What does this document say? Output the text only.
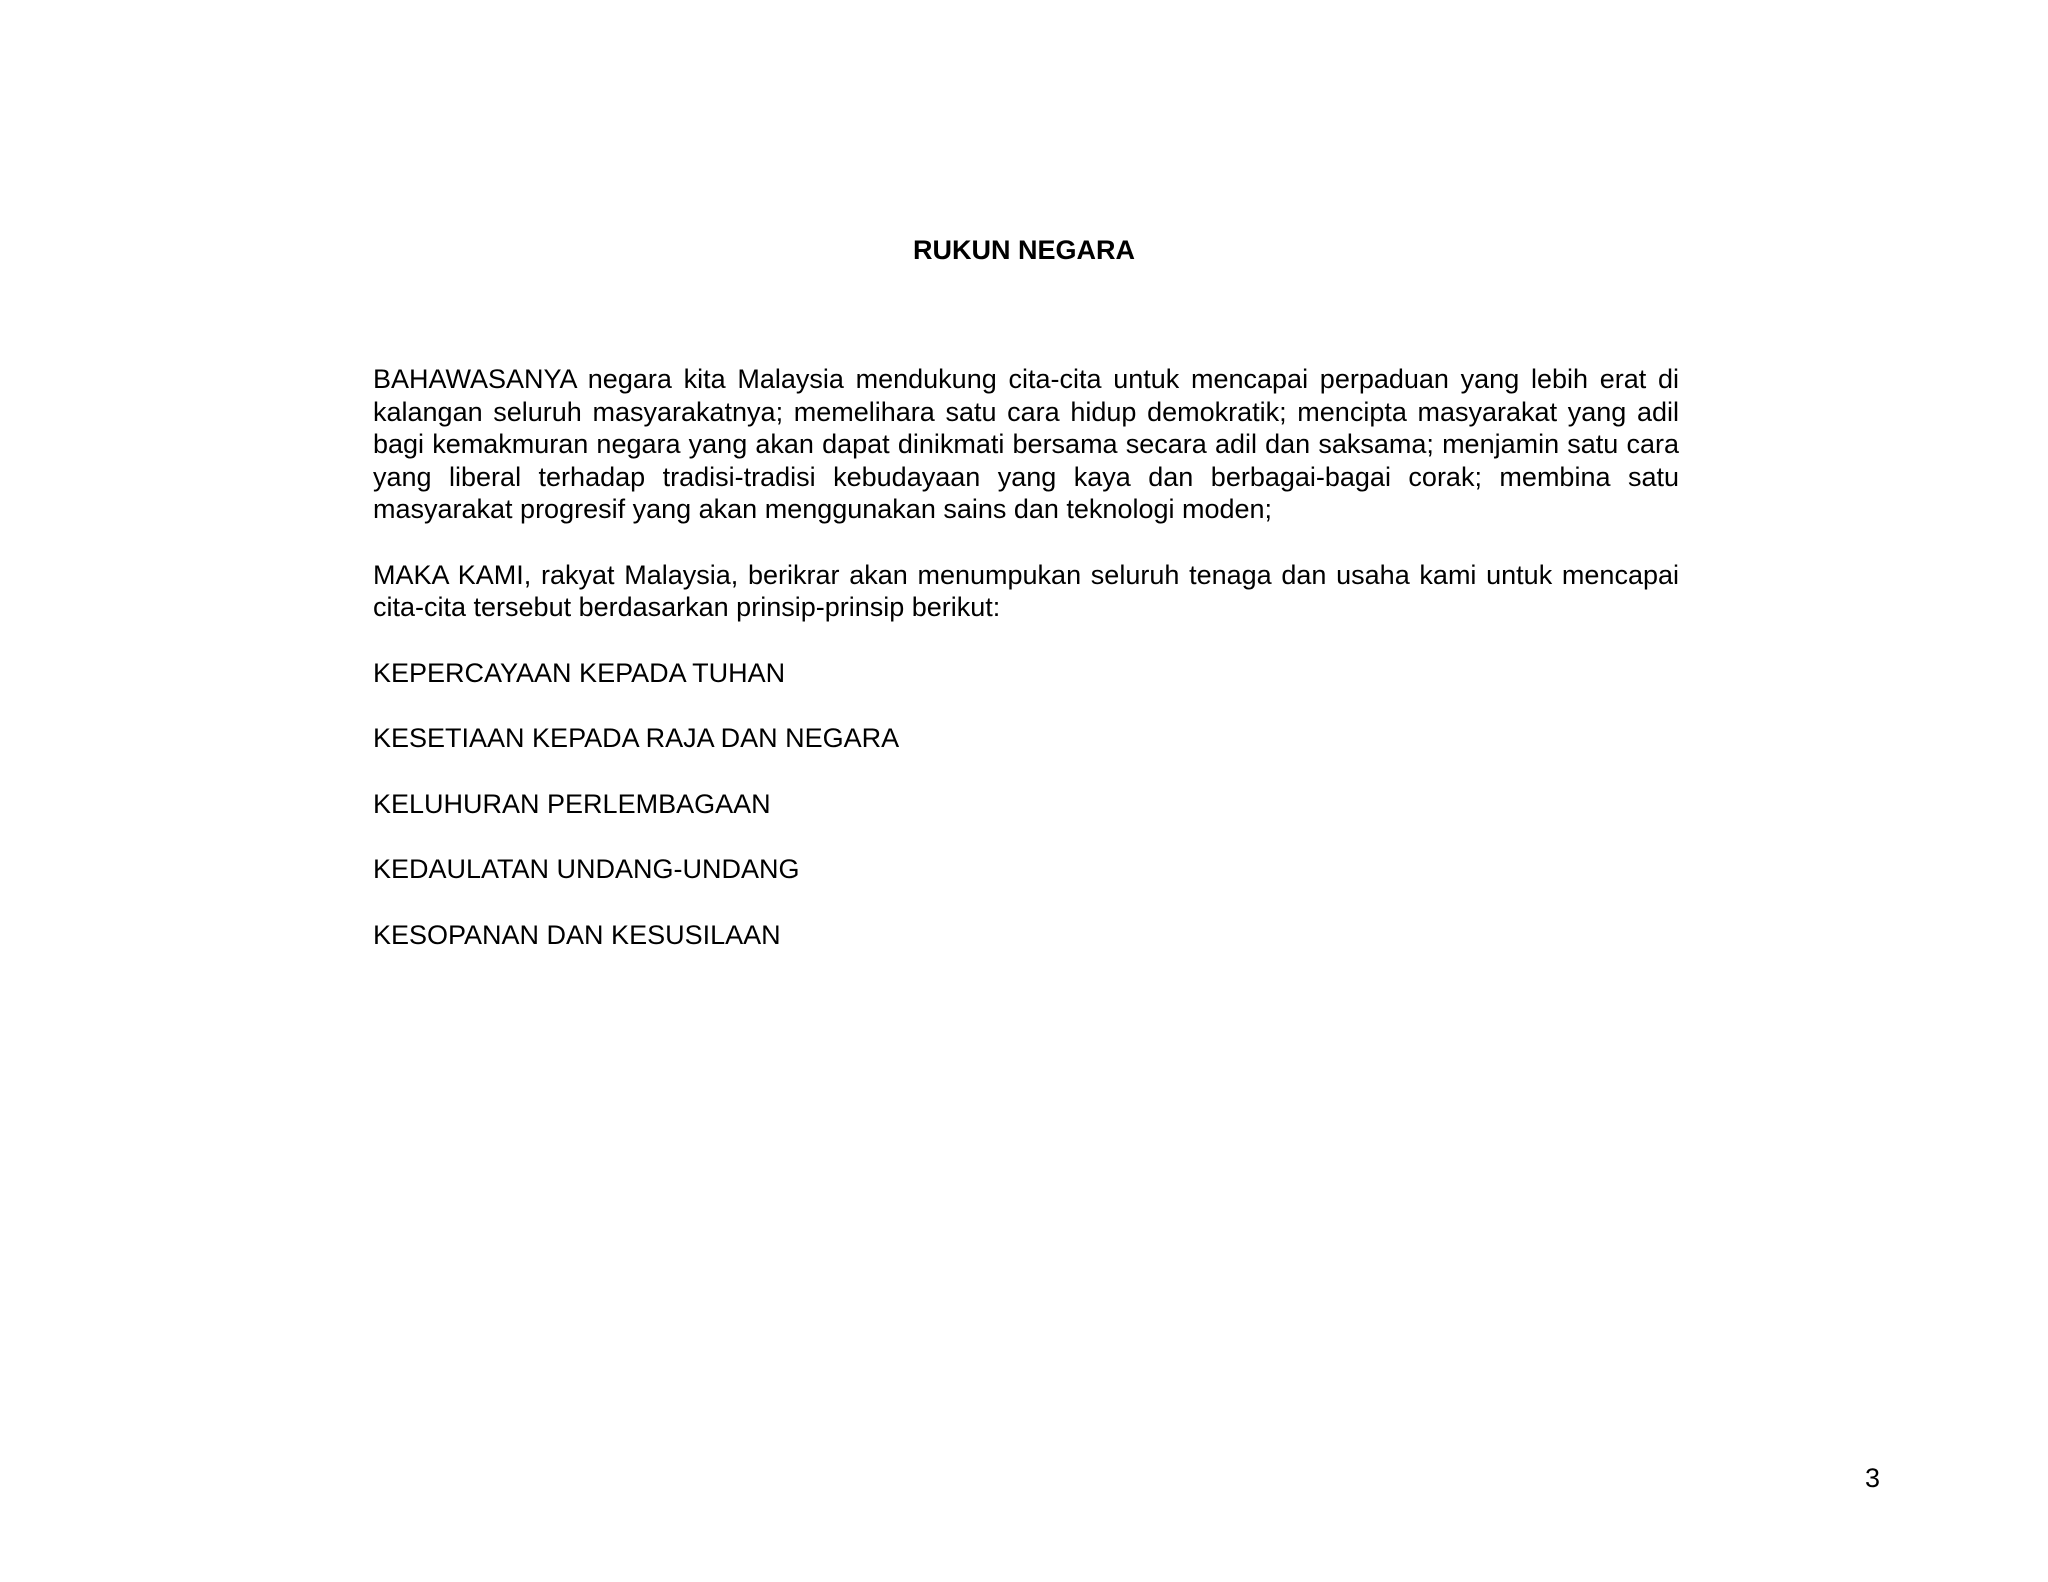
RUKUN NEGARA

BAHAWASANYA negara kita Malaysia mendukung cita-cita untuk mencapai perpaduan yang lebih erat di kalangan seluruh masyarakatnya; memelihara satu cara hidup demokratik; mencipta masyarakat yang adil bagi kemakmuran negara yang akan dapat dinikmati bersama secara adil dan saksama; menjamin satu cara yang liberal terhadap tradisi-tradisi kebudayaan yang kaya dan berbagai-bagai corak; membina satu masyarakat progresif yang akan menggunakan sains dan teknologi moden;

MAKA KAMI, rakyat Malaysia, berikrar akan menumpukan seluruh tenaga dan usaha kami untuk mencapai cita-cita tersebut berdasarkan prinsip-prinsip berikut:

KEPERCAYAAN KEPADA TUHAN

KESETIAAN KEPADA RAJA DAN NEGARA

KELUHURAN PERLEMBAGAAN

KEDAULATAN UNDANG-UNDANG

KESOPANAN DAN KESUSILAAN

3
